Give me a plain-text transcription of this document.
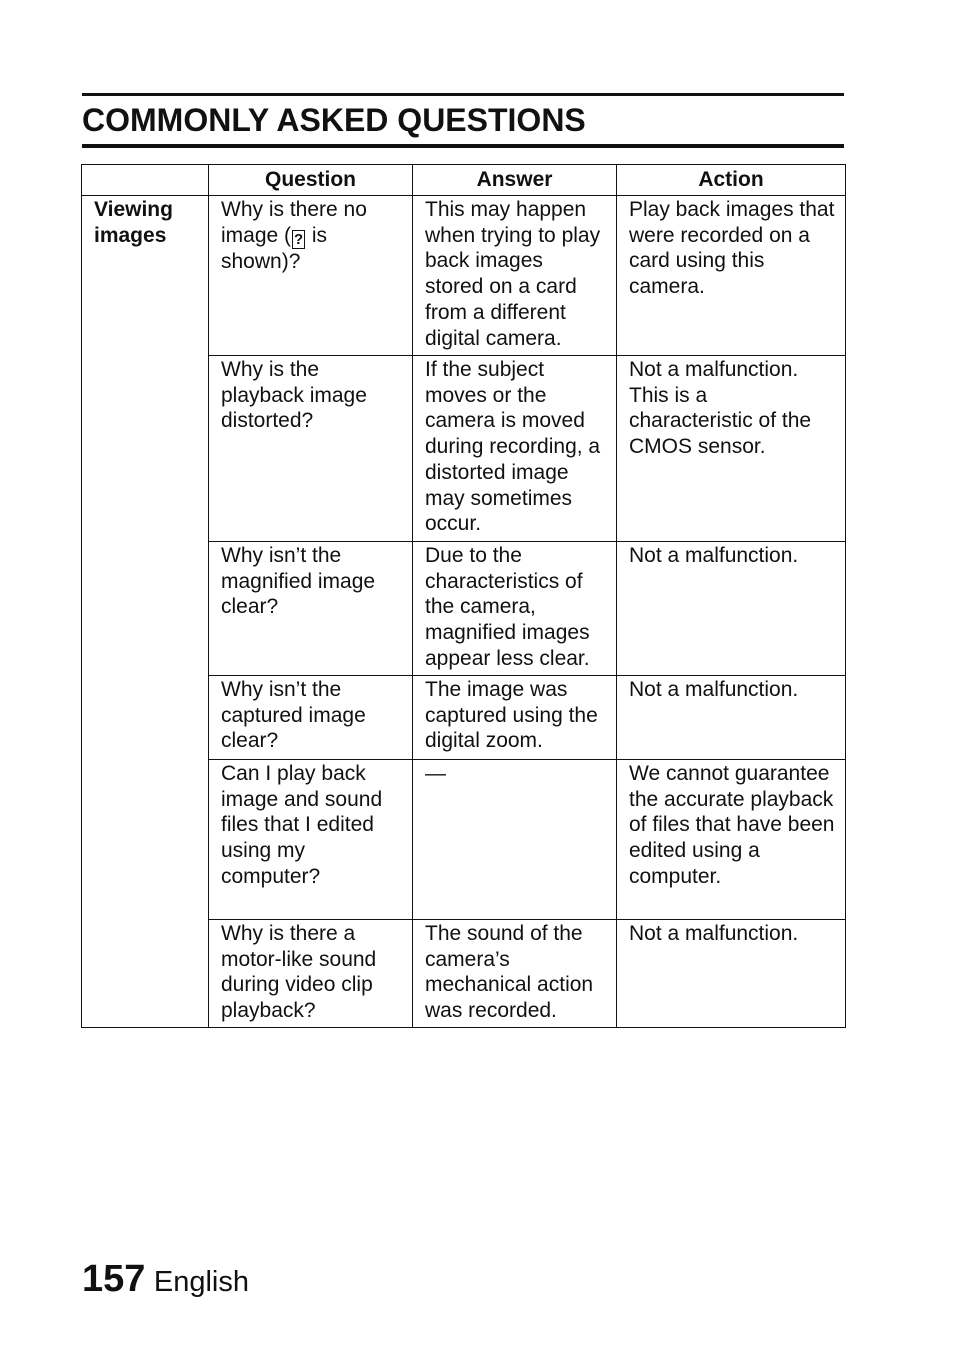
COMMONLY ASKED QUESTIONS
	Question	Answer	Action
Viewing images	Why is there no image ( ? is shown)?	This may happen when trying to play back images stored on a card from a different digital camera.	Play back images that were recorded on a card using this camera.
	Why is the playback image distorted?	If the subject moves or the camera is moved during recording, a distorted image may sometimes occur.	Not a malfunction. This is a characteristic of the CMOS sensor.
	Why isn’t the magnified image clear?	Due to the characteristics of the camera, magnified images appear less clear.	Not a malfunction.
	Why isn’t the captured image clear?	The image was captured using the digital zoom.	Not a malfunction.
	Can I play back image and sound files that I edited using my computer?	—	We cannot guarantee the accurate playback of files that have been edited using a computer.
	Why is there a motor-like sound during video clip playback?	The sound of the camera’s mechanical action was recorded.	Not a malfunction.
157 English
